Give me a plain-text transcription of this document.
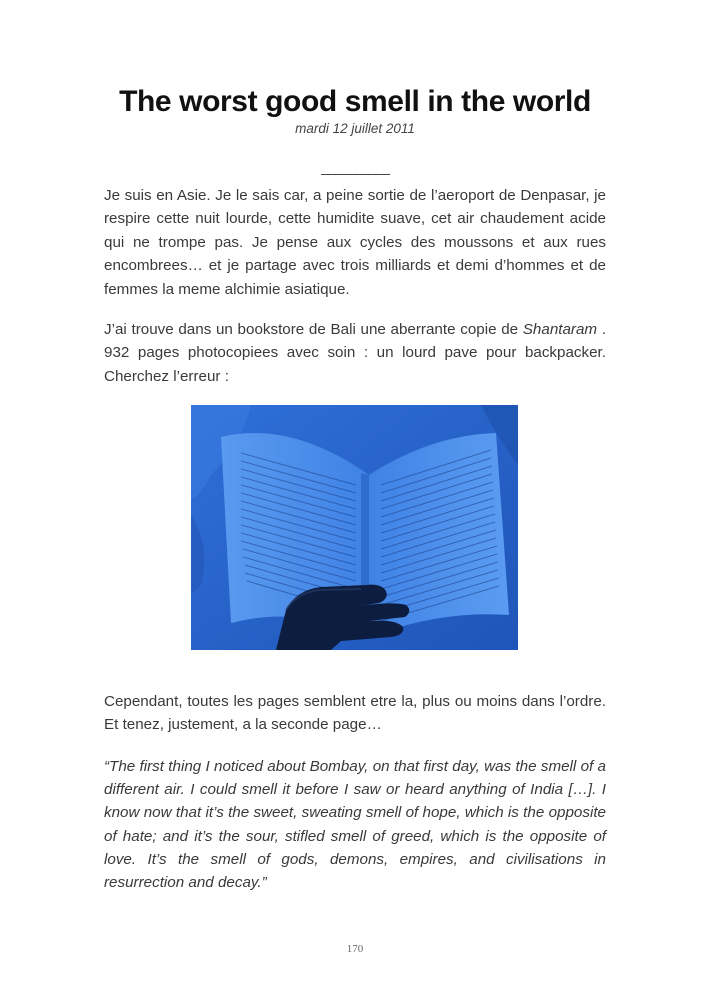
The worst good smell in the world
mardi 12 juillet 2011
__________

Je suis en Asie. Je le sais car, a peine sortie de l’aeroport de Denpasar, je respire cette nuit lourde, cette humidite suave, cet air chaudement acide qui ne trompe pas. Je pense aux cycles des moussons et aux rues encombrees… et je partage avec trois milliards et demi d’hommes et de femmes la meme alchimie asiatique.

J’ai trouve dans un bookstore de Bali une aberrante copie de Shantaram . 932 pages photocopiees avec soin : un lourd pave pour backpacker. Cherchez l’erreur :

Cependant, toutes les pages semblent etre la, plus ou moins dans l’ordre. Et tenez, justement, a la seconde page…

“The first thing I noticed about Bombay, on that first day, was the smell of a different air. I could smell it before I saw or heard anything of India […]. I know now that it’s the sweet, sweating smell of hope, which is the opposite of hate; and it’s the sour, stifled smell of greed, which is the opposite of love. It’s the smell of gods, demons, empires, and civilisations in resurrection and decay.”

170
